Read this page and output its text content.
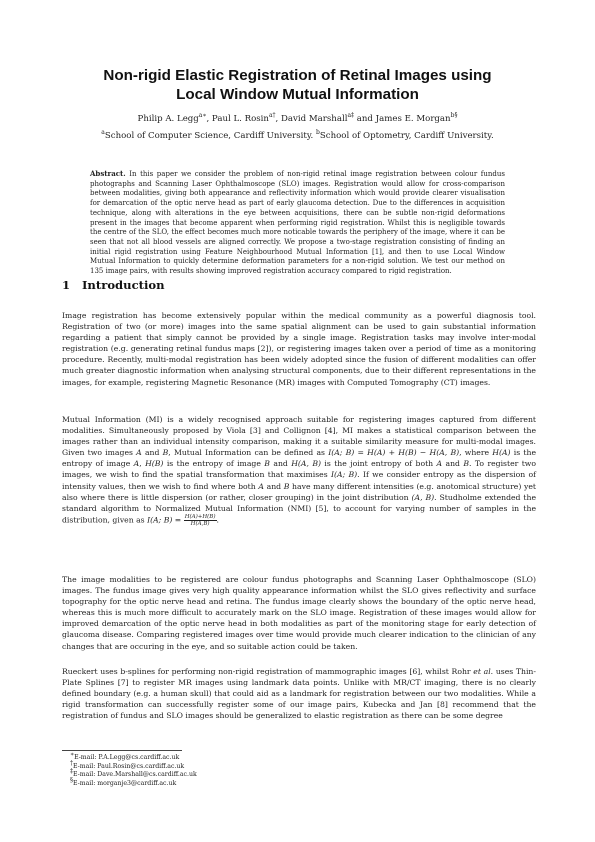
Non-rigid Elastic Registration of Retinal Images using
Local Window Mutual Information
Philip A. Legg$^{a∗}$, Paul L. Rosin$^{a\dagger}$, David Marshall$^{a\ddagger}$ and James E. Morgan$^{b\S}$
$^a$School of Computer Science, Cardiff University. $^b$School of Optometry, Cardiff University.

Abstract. In this paper we consider the problem of non-rigid retinal image registration between colour fundus photographs and Scanning Laser Ophthalmoscope (SLO) images. Registration would allow for cross-comparison between modalities, giving both appearance and reflectivity information which would provide clearer visualisation for demarcation of the optic nerve head as part of early glaucoma detection. Due to the differences in acquisition technique, along with alterations in the eye between acquisitions, there can be subtle non-rigid deformations present in the images that become apparent when performing rigid registration. Whilst this is negligible towards the centre of the SLO, the effect becomes much more noticable towards the periphery of the image, where it can be seen that not all blood vessels are aligned correctly. We propose a two-stage registration consisting of finding an initial rigid registration using Feature Neighbourhood Mutual Information [1], and then to use Local Window Mutual Information to quickly determine deformation parameters for a non-rigid solution. We test our method on 135 image pairs, with results showing improved registration accuracy compared to rigid registration.

1 Introduction

Image registration has become extensively popular within the medical community as a powerful diagnosis tool. Registration of two (or more) images into the same spatial alignment can be used to gain substantial information regarding a patient that simply cannot be provided by a single image. Registration tasks may involve inter-modal registration (e.g. generating retinal fundus maps [2]), or registering images taken over a period of time as a monitoring procedure. Recently, multi-modal registration has been widely adopted since the fusion of different modalities can offer much greater diagnostic information when analysing structural components, due to their different representations in the images, for example, registering Magnetic Resonance (MR) images with Computed Tomography (CT) images.

Mutual Information (MI) is a widely recognised approach suitable for registering images captured from different modalities. Simultaneously proposed by Viola [3] and Collignon [4], MI makes a statistical comparison between the images rather than an individual intensity comparison, making it a suitable similarity measure for multi-modal images. Given two images A and B, Mutual Information can be defined as I(A; B) = H(A) + H(B) − H(A, B), where H(A) is the entropy of image A, H(B) is the entropy of image B and H(A, B) is the joint entropy of both A and B. To register two images, we wish to find the spatial transformation that maximises I(A; B). If we consider entropy as the dispersion of intensity values, then we wish to find where both A and B have many different intensities (e.g. anotomical structure) yet also where there is little dispersion (or rather, closer grouping) in the joint distribution (A, B). Studholme extended the standard algorithm to Normalized Mutual Information (NMI) [5], to account for varying number of samples in the distribution, given as I(A; $B) = \frac{H(A)+H(B)}{H(A,B)}$ .

The image modalities to be registered are colour fundus photographs and Scanning Laser Ophthalmoscope (SLO) images. The fundus image gives very high quality appearance information whilst the SLO gives reflectivity and surface topography for the optic nerve head and retina. The fundus image clearly shows the boundary of the optic nerve head, whereas this is much more difficult to accurately mark on the SLO image. Registration of these images would allow for improved demarcation of the optic nerve head in both modalities as part of the monitoring stage for early detection of glaucoma disease. Comparing registered images over time would provide much clearer indication to the clinician of any changes that are occuring in the eye, and so suitable action could be taken.

Rueckert uses b-splines for performing non-rigid registration of mammographic images [6], whilst Rohr et al. uses Thin-Plate Splines [7] to register MR images using landmark data points. Unlike with MR/CT imaging, there is no clearly defined boundary (e.g. a human skull) that could aid as a landmark for registration between our two modalities. While a rigid transformation can successfully register some of our image pairs, Kubecka and Jan [8] recommend that the registration of fundus and SLO images should be generalized to elastic registration as there can be some degree

∗E-mail: P.A.Legg@cs.cardiff.ac.uk
†E-mail: Paul.Rosin@cs.cardiff.ac.uk
‡E-mail: Dave.Marshall@cs.cardiff.ac.uk
§E-mail: morganje3@cardiff.ac.uk
